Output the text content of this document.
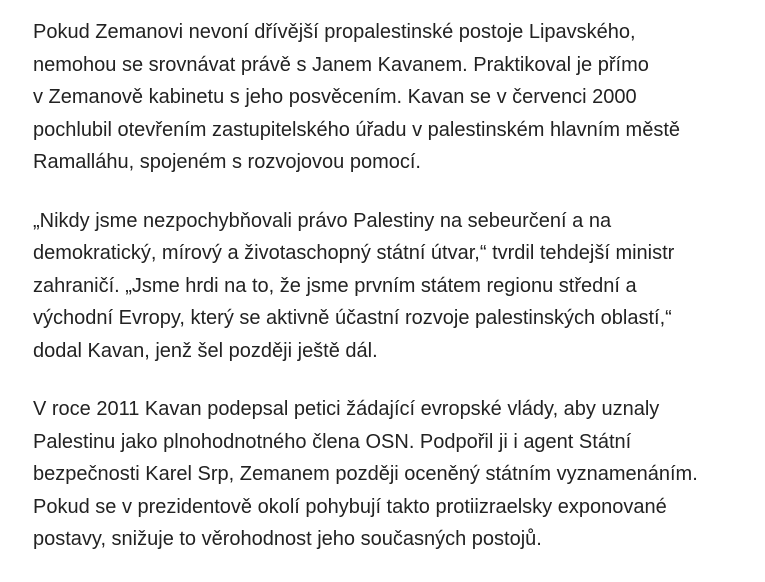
Pokud Zemanovi nevoní dřívější propalestinské postoje Lipavského,
nemohou se srovnávat právě s Janem Kavanem. Praktikoval je přímo
v Zemanově kabinetu s jeho posvěcením. Kavan se v červenci 2000
pochlubil otevřením zastupitelského úřadu v palestinském hlavním městě
Ramalláhu, spojeném s rozvojovou pomocí.

„Nikdy jsme nezpochybňovali právo Palestiny na sebeurčení a na
demokratický, mírový a životaschopný státní útvar,“ tvrdil tehdejší ministr
zahraničí. „Jsme hrdi na to, že jsme prvním státem regionu střední a
východní Evropy, který se aktivně účastní rozvoje palestinských oblastí,“
dodal Kavan, jenž šel později ještě dál.

V roce 2011 Kavan podepsal petici žádající evropské vlády, aby uznaly
Palestinu jako plnohodnotného člena OSN. Podpořil ji i agent Státní
bezpečnosti Karel Srp, Zemanem později oceněný státním vyznamenáním.
Pokud se v prezidentově okolí pohybují takto protiizraelsky exponované
postavy, snižuje to věrohodnost jeho současných postojů.
